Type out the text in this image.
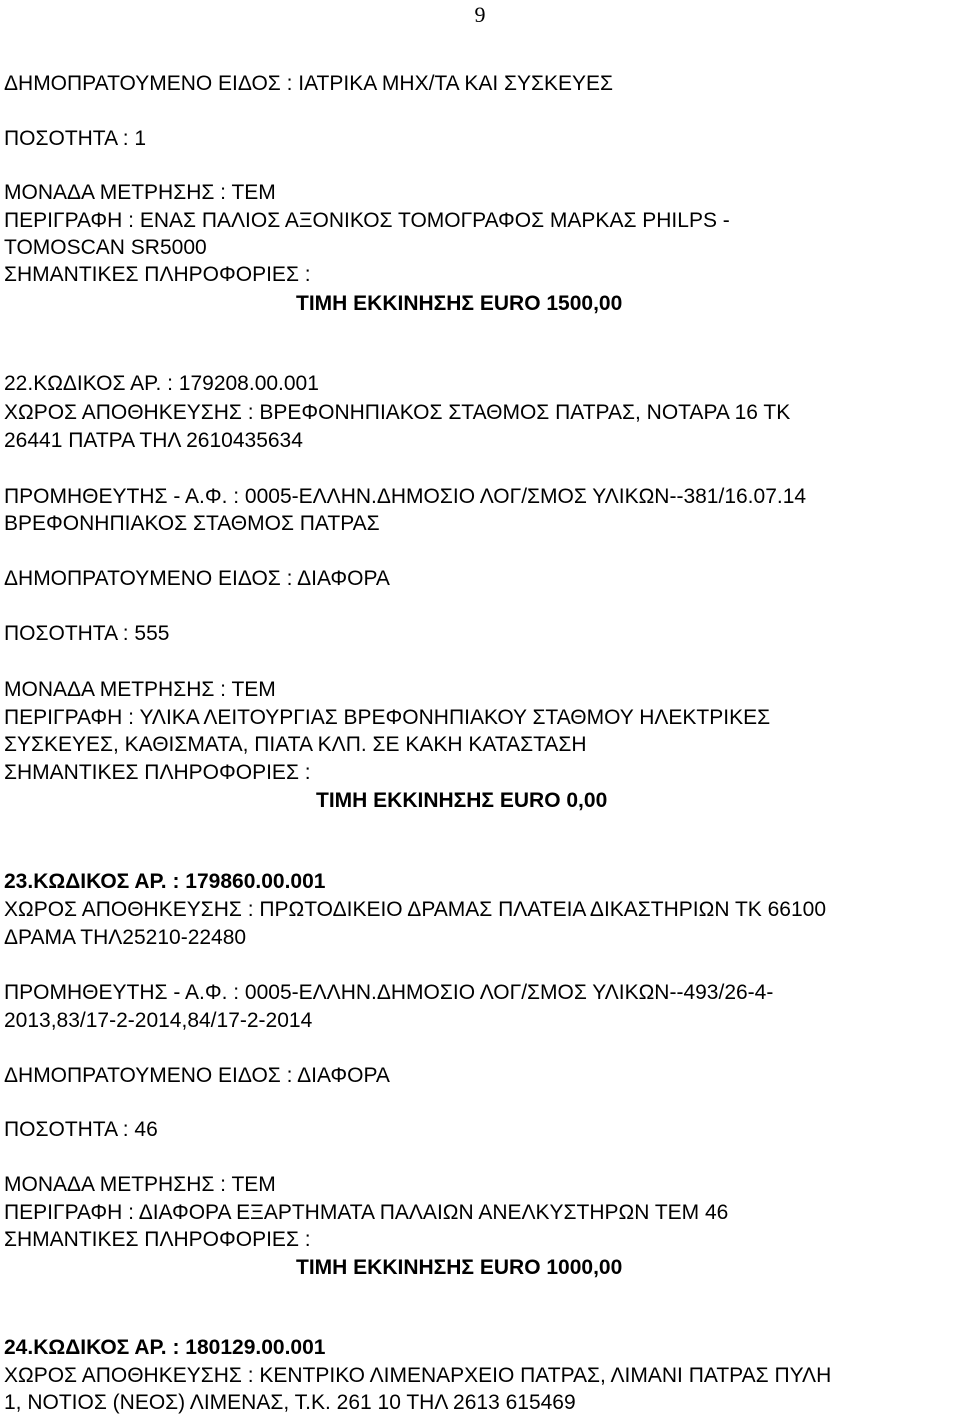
9
ΔΗΜΟΠΡΑΤΟΥΜΕΝΟ ΕΙΔΟΣ : ΙΑΤΡΙΚΑ ΜΗΧ/ΤΑ ΚΑΙ ΣΥΣΚΕΥΕΣ
ΠΟΣΟΤΗΤΑ : 1
ΜΟΝΑΔΑ ΜΕΤΡΗΣΗΣ : ΤΕΜ
ΠΕΡΙΓΡΑΦΗ : ΕΝΑΣ ΠΑΛΙΟΣ ΑΞΟΝΙΚΟΣ ΤΟΜΟΓΡΑΦΟΣ ΜΑΡΚΑΣ PHILPS -
TOMOSCAN SR5000
ΣΗΜΑΝΤΙΚΕΣ ΠΛΗΡΟΦΟΡΙΕΣ :
ΤΙΜΗ ΕΚΚΙΝΗΣΗΣ EURO 1500,00
22.ΚΩΔΙΚΟΣ ΑΡ. : 179208.00.001
ΧΩΡΟΣ ΑΠΟΘΗΚΕΥΣΗΣ : ΒΡΕΦΟΝΗΠΙΑΚΟΣ ΣΤΑΘΜΟΣ ΠΑΤΡΑΣ, ΝΟΤΑΡΑ 16 ΤΚ
26441 ΠΑΤΡΑ ΤΗΛ 2610435634
ΠΡΟΜΗΘΕΥΤΗΣ - Α.Φ. : 0005-ΕΛΛΗΝ.ΔΗΜΟΣΙΟ ΛΟΓ/ΣΜΟΣ ΥΛΙΚΩΝ--381/16.07.14
ΒΡΕΦΟΝΗΠΙΑΚΟΣ ΣΤΑΘΜΟΣ ΠΑΤΡΑΣ
ΔΗΜΟΠΡΑΤΟΥΜΕΝΟ ΕΙΔΟΣ : ΔΙΑΦΟΡΑ
ΠΟΣΟΤΗΤΑ : 555
ΜΟΝΑΔΑ ΜΕΤΡΗΣΗΣ : ΤΕΜ
ΠΕΡΙΓΡΑΦΗ : ΥΛΙΚΑ ΛΕΙΤΟΥΡΓΙΑΣ ΒΡΕΦΟΝΗΠΙΑΚΟΥ ΣΤΑΘΜΟΥ ΗΛΕΚΤΡΙΚΕΣ
ΣΥΣΚΕΥΕΣ, ΚΑΘΙΣΜΑΤΑ, ΠΙΑΤΑ ΚΛΠ. ΣΕ ΚΑΚΗ ΚΑΤΑΣΤΑΣΗ
ΣΗΜΑΝΤΙΚΕΣ ΠΛΗΡΟΦΟΡΙΕΣ :
ΤΙΜΗ ΕΚΚΙΝΗΣΗΣ EURO 0,00
23.ΚΩΔΙΚΟΣ ΑΡ. : 179860.00.001
ΧΩΡΟΣ ΑΠΟΘΗΚΕΥΣΗΣ : ΠΡΩΤΟΔΙΚΕΙΟ ΔΡΑΜΑΣ ΠΛΑΤΕΙΑ ΔΙΚΑΣΤΗΡΙΩΝ ΤΚ 66100
ΔΡΑΜΑ ΤΗΛ25210-22480
ΠΡΟΜΗΘΕΥΤΗΣ - Α.Φ. : 0005-ΕΛΛΗΝ.ΔΗΜΟΣΙΟ ΛΟΓ/ΣΜΟΣ ΥΛΙΚΩΝ--493/26-4-
2013,83/17-2-2014,84/17-2-2014
ΔΗΜΟΠΡΑΤΟΥΜΕΝΟ ΕΙΔΟΣ : ΔΙΑΦΟΡΑ
ΠΟΣΟΤΗΤΑ : 46
ΜΟΝΑΔΑ ΜΕΤΡΗΣΗΣ : ΤΕΜ
ΠΕΡΙΓΡΑΦΗ : ΔΙΑΦΟΡΑ ΕΞΑΡΤΗΜΑΤΑ ΠΑΛΑΙΩΝ ΑΝΕΛΚΥΣΤΗΡΩΝ ΤΕΜ 46
ΣΗΜΑΝΤΙΚΕΣ ΠΛΗΡΟΦΟΡΙΕΣ :
ΤΙΜΗ ΕΚΚΙΝΗΣΗΣ EURO 1000,00
24.ΚΩΔΙΚΟΣ ΑΡ. : 180129.00.001
ΧΩΡΟΣ ΑΠΟΘΗΚΕΥΣΗΣ : ΚΕΝΤΡΙΚΟ ΛΙΜΕΝΑΡΧΕΙΟ ΠΑΤΡΑΣ, ΛΙΜΑΝΙ ΠΑΤΡΑΣ ΠΥΛΗ
1, ΝΟΤΙΟΣ (ΝΕΟΣ) ΛΙΜΕΝΑΣ, Τ.Κ. 261 10 ΤΗΛ 2613 615469
